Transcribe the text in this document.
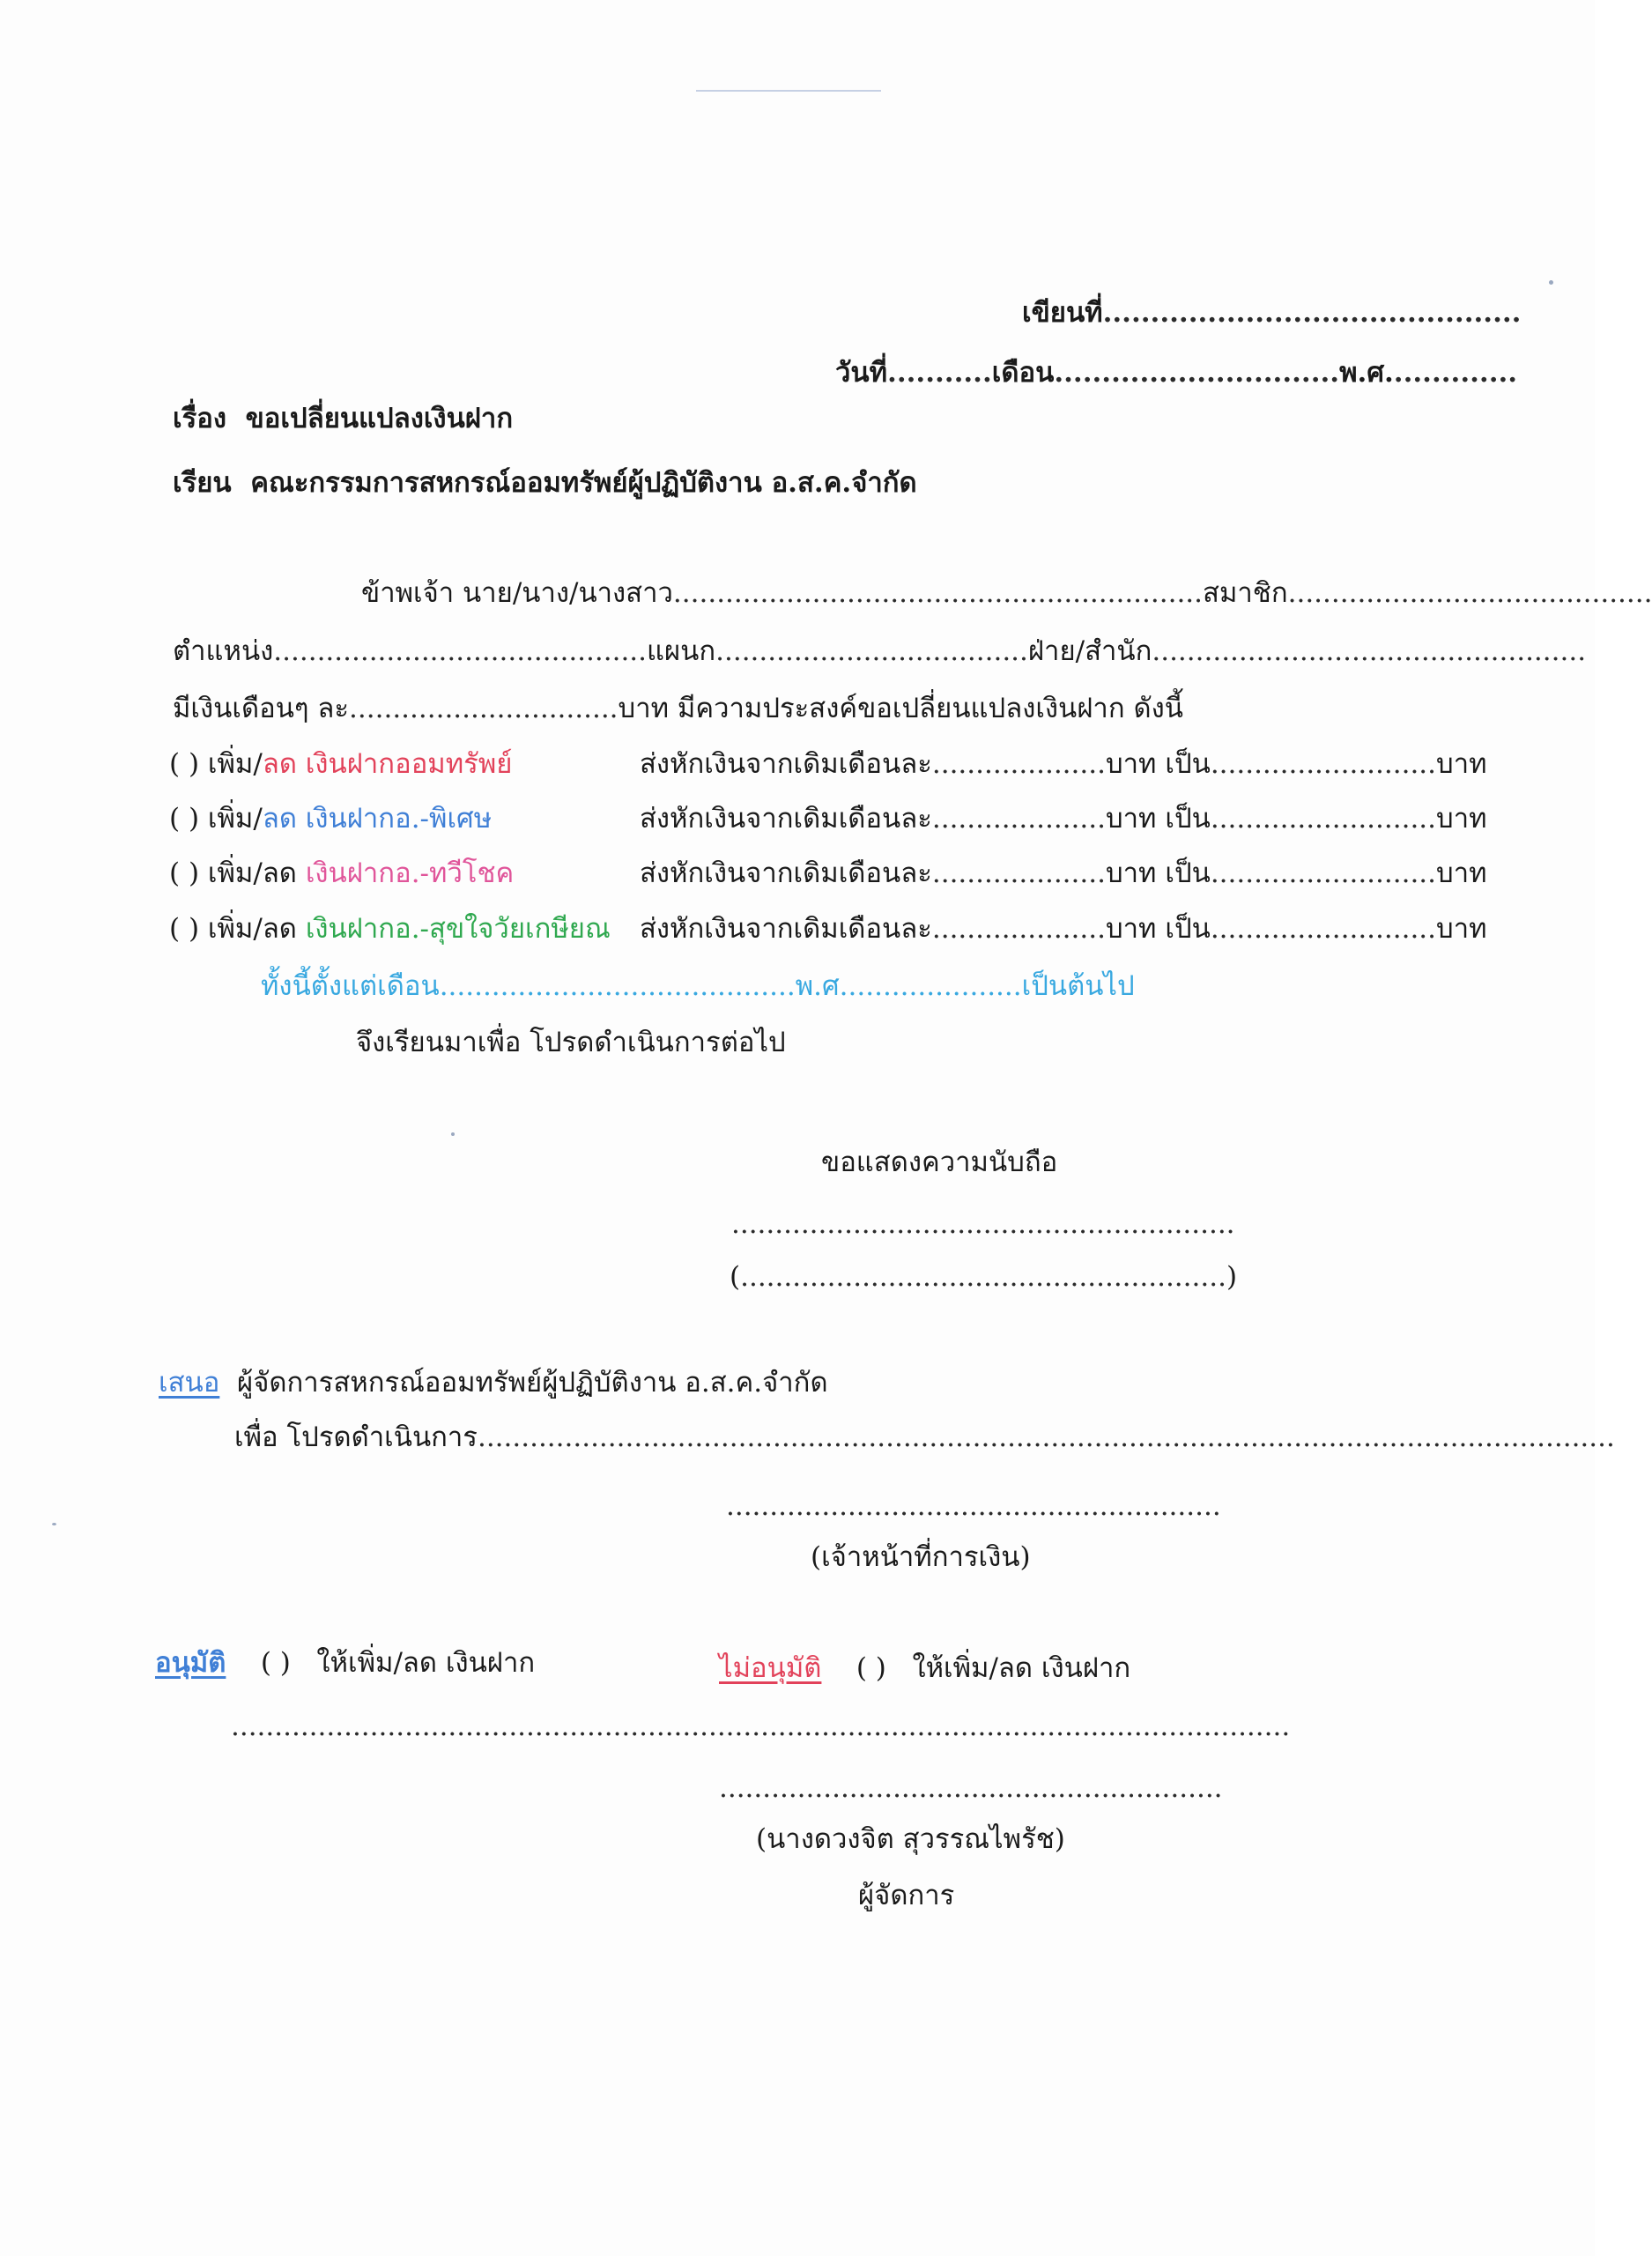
เขียนที่............................................
วันที่...........เดือน..............................พ.ศ..............
เรื่อง ขอเปลี่ยนแปลงเงินฝาก
เรียน คณะกรรมการสหกรณ์ออมทรัพย์ผู้ปฏิบัติงาน อ.ส.ค.จำกัด
ข้าพเจ้า นาย/นาง/นางสาว.............................................................สมาชิก..........................................
ตำแหน่ง...........................................แผนก....................................ฝ่าย/สำนัก..................................................
มีเงินเดือนๆ ละ...............................บาท มีความประสงค์ขอเปลี่ยนแปลงเงินฝาก ดังนี้
( ) เพิ่ม/ลด เงินฝากออมทรัพย์	ส่งหักเงินจากเดิมเดือนละ....................บาท เป็น..........................บาท
( ) เพิ่ม/ลด เงินฝากอ.-พิเศษ	ส่งหักเงินจากเดิมเดือนละ....................บาท เป็น..........................บาท
( ) เพิ่ม/ลด เงินฝากอ.-ทวีโชค	ส่งหักเงินจากเดิมเดือนละ....................บาท เป็น..........................บาท
( ) เพิ่ม/ลด เงินฝากอ.-สุขใจวัยเกษียณ ส่งหักเงินจากเดิมเดือนละ....................บาท เป็น..........................บาท
ทั้งนี้ตั้งแต่เดือน.........................................พ.ศ.....................เป็นต้นไป
จึงเรียนมาเพื่อ โปรดดำเนินการต่อไป
ขอแสดงความนับถือ
..........................................................
(........................................................)
เสนอ ผู้จัดการสหกรณ์ออมทรัพย์ผู้ปฏิบัติงาน อ.ส.ค.จำกัด
เพื่อ โปรดดำเนินการ...................................................................................................................................
.........................................................
(เจ้าหน้าที่การเงิน)
อนุมัติ ( ) ให้เพิ่ม/ลด เงินฝาก	ไม่อนุมัติ ( ) ให้เพิ่ม/ลด เงินฝาก
..........................................................................................................................
..........................................................
(นางดวงจิต สุวรรณไพรัช)
ผู้จัดการ
